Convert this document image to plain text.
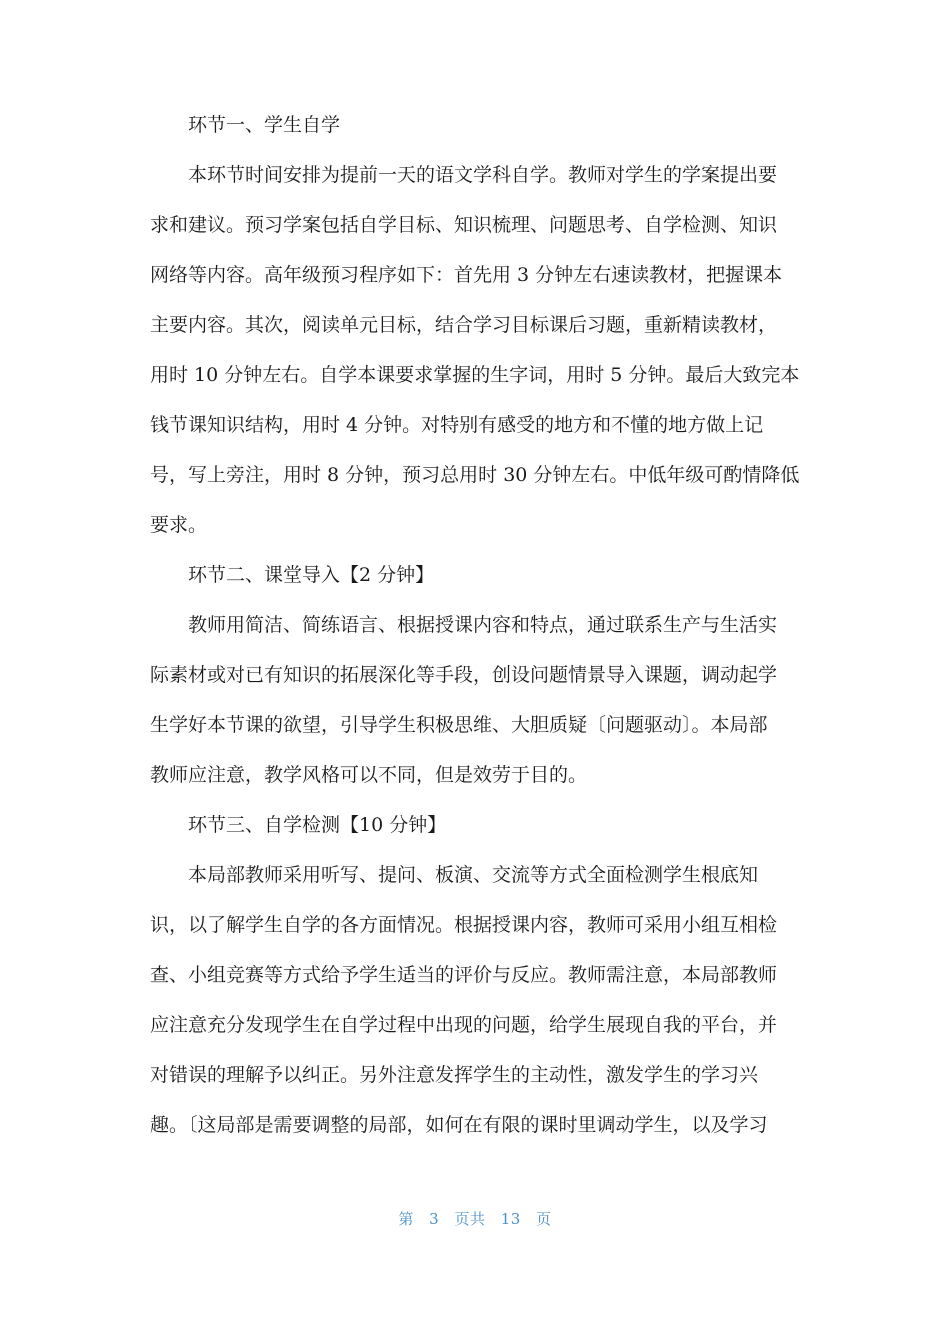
环节一、学生自学
本环节时间安排为提前一天的语文学科自学。教师对学生的学案提出要
求和建议。预习学案包括自学目标、知识梳理、问题思考、自学检测、知识
网络等内容。高年级预习程序如下：首先用 3 分钟左右速读教材，把握课本
主要内容。其次，阅读单元目标，结合学习目标课后习题，重新精读教材，
用时 10 分钟左右。自学本课要求掌握的生字词，用时 5 分钟。最后大致完本
钱节课知识结构，用时 4 分钟。对特别有感受的地方和不懂的地方做上记
号，写上旁注，用时 8 分钟，预习总用时 30 分钟左右。中低年级可酌情降低
要求。
环节二、课堂导入【2 分钟】
教师用简洁、简练语言、根据授课内容和特点，通过联系生产与生活实
际素材或对已有知识的拓展深化等手段，创设问题情景导入课题，调动起学
生学好本节课的欲望，引导学生积极思维、大胆质疑〔问题驱动〕。本局部
教师应注意，教学风格可以不同，但是效劳于目的。
环节三、自学检测【10 分钟】
本局部教师采用听写、提问、板演、交流等方式全面检测学生根底知
识，以了解学生自学的各方面情况。根据授课内容，教师可采用小组互相检
查、小组竞赛等方式给予学生适当的评价与反应。教师需注意，本局部教师
应注意充分发现学生在自学过程中出现的问题，给学生展现自我的平台，并
对错误的理解予以纠正。另外注意发挥学生的主动性，激发学生的学习兴
趣。〔这局部是需要调整的局部，如何在有限的课时里调动学生，以及学习
第 3 页共 13 页
